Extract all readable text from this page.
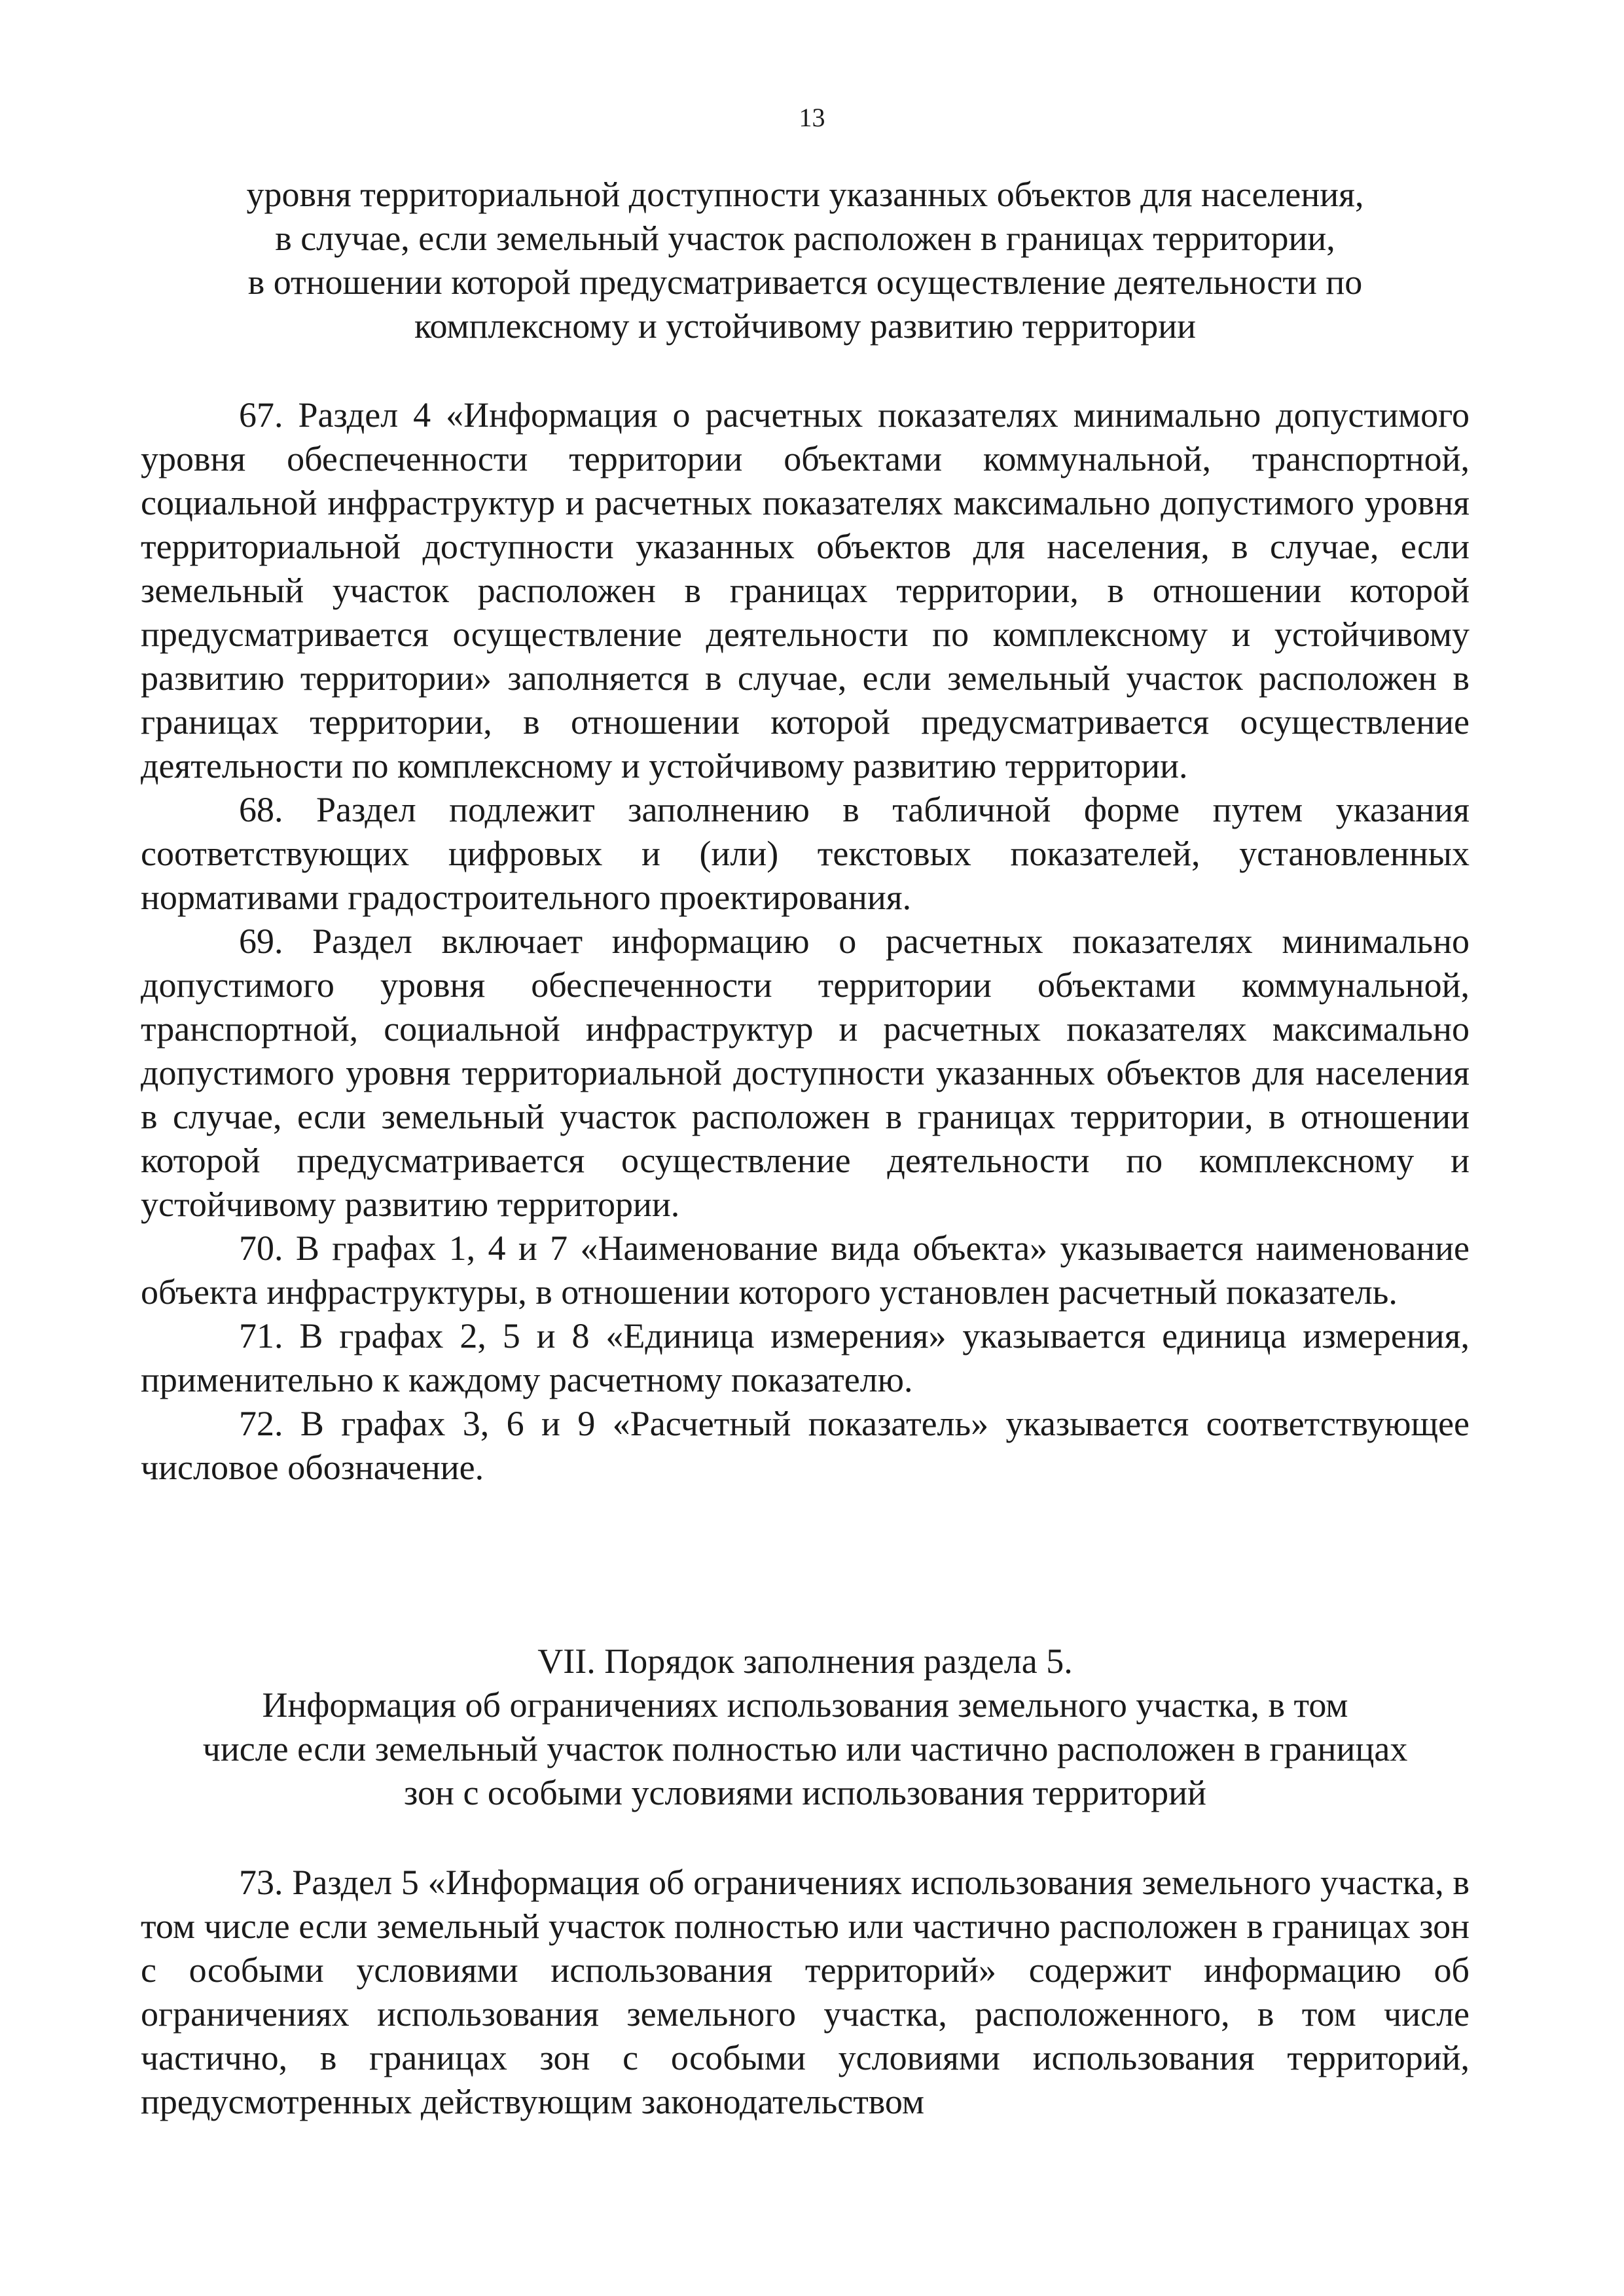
13
уровня территориальной доступности указанных объектов для населения,
в случае, если земельный участок расположен в границах территории,
в отношении которой предусматривается осуществление деятельности по
комплексному и устойчивому развитию территории

67. Раздел 4 «Информация о расчетных показателях минимально допустимого уровня обеспеченности территории объектами коммунальной, транспортной, социальной инфраструктур и расчетных показателях максимально допустимого уровня территориальной доступности указанных объектов для населения, в случае, если земельный участок расположен в границах территории, в отношении которой предусматривается осуществление деятельности по комплексному и устойчивому развитию территории» заполняется в случае, если земельный участок расположен в границах территории, в отношении которой предусматривается осуществление деятельности по комплексному и устойчивому развитию территории.

68. Раздел подлежит заполнению в табличной форме путем указания соответствующих цифровых и (или) текстовых показателей, установленных нормативами градостроительного проектирования.

69. Раздел включает информацию о расчетных показателях минимально допустимого уровня обеспеченности территории объектами коммунальной, транспортной, социальной инфраструктур и расчетных показателях максимально допустимого уровня территориальной доступности указанных объектов для населения в случае, если земельный участок расположен в границах территории, в отношении которой предусматривается осуществление деятельности по комплексному и устойчивому развитию территории.

70. В графах 1, 4 и 7 «Наименование вида объекта» указывается наименование объекта инфраструктуры, в отношении которого установлен расчетный показатель.

71. В графах 2, 5 и 8 «Единица измерения» указывается единица измерения, применительно к каждому расчетному показателю.

72. В графах 3, 6 и 9 «Расчетный показатель» указывается соответствующее числовое обозначение.

VII. Порядок заполнения раздела 5.
Информация об ограничениях использования земельного участка, в том
числе если земельный участок полностью или частично расположен в границах
зон с особыми условиями использования территорий

73. Раздел 5 «Информация об ограничениях использования земельного участка, в том числе если земельный участок полностью или частично расположен в границах зон с особыми условиями использования территорий» содержит информацию об ограничениях использования земельного участка, расположенного, в том числе частично, в границах зон с особыми условиями использования территорий, предусмотренных действующим законодательством
